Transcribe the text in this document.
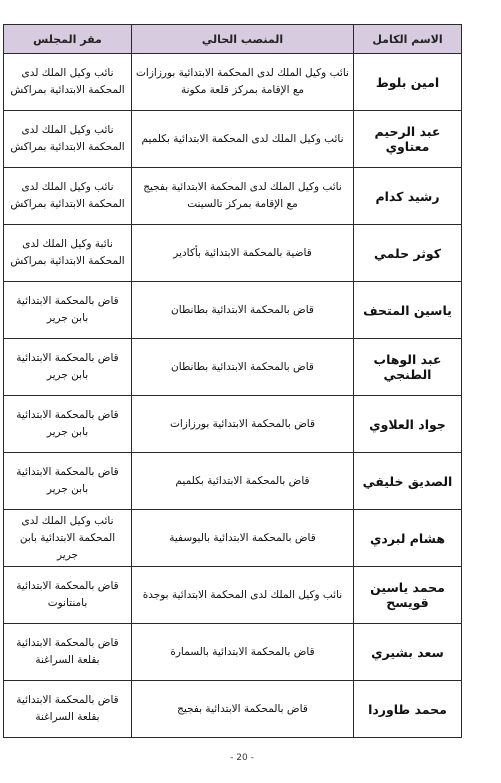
الاسم الكامل	المنصب الحالي	مقر المجلس
امين بلوط	نائب وكيل الملك لدى المحكمة الابتدائية بورزازات مع الإقامة بمركز قلعة مكونة	نائب وكيل الملك لدى المحكمة الابتدائية بمراكش
عبد الرحيم معتاوي	نائب وكيل الملك لدى المحكمة الابتدائية بكلميم	نائب وكيل الملك لدى المحكمة الابتدائية بمراكش
رشيد كدام	نائب وكيل الملك لدى المحكمة الابتدائية بفجيج مع الإقامة بمركز تالسينت	نائب وكيل الملك لدى المحكمة الابتدائية بمراكش
كوثر حلمي	قاضية بالمحكمة الابتدائية بأكادير	نائبة وكيل الملك لدى المحكمة الابتدائية بمراكش
ياسين المتحف	قاض بالمحكمة الابتدائية بطانطان	قاض بالمحكمة الابتدائية بابن جرير
عبد الوهاب الطنجي	قاض بالمحكمة الابتدائية بطانطان	قاض بالمحكمة الابتدائية بابن جرير
جواد العلاوي	قاض بالمحكمة الابتدائية بورزازات	قاض بالمحكمة الابتدائية بابن جرير
الصديق خليفي	قاض بالمحكمة الابتدائية بكلميم	قاض بالمحكمة الابتدائية بابن جرير
هشام لبردي	قاض بالمحكمة الابتدائية باليوسفية	نائب وكيل الملك لدى المحكمة الابتدائية بابن جرير
محمد ياسين قويسح	نائب وكيل الملك لدى المحكمة الابتدائية بوجدة	قاض بالمحكمة الابتدائية بامنتانوت
سعد بشيري	قاض بالمحكمة الابتدائية بالسمارة	قاض بالمحكمة الابتدائية بقلعة السراغنة
محمد طاوردا	قاض بالمحكمة الابتدائية بفجيج	قاض بالمحكمة الابتدائية بقلعة السراغنة
- 20 -
